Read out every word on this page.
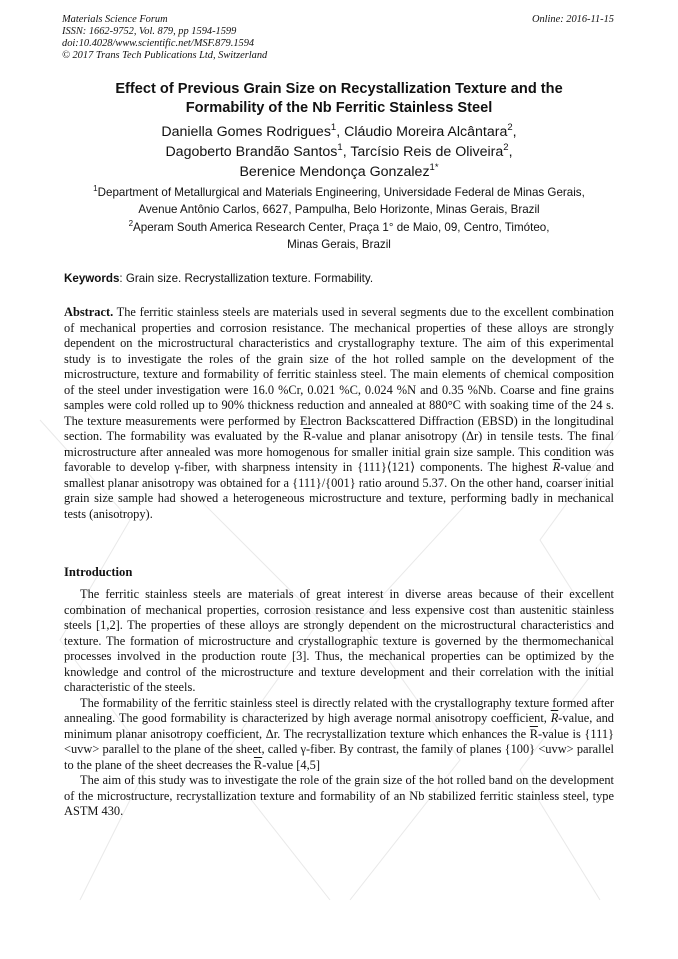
Materials Science Forum
ISSN: 1662-9752, Vol. 879, pp 1594-1599
doi:10.4028/www.scientific.net/MSF.879.1594
© 2017 Trans Tech Publications Ltd, Switzerland
Online: 2016-11-15
Effect of Previous Grain Size on Recystallization Texture and the
Formability of the Nb Ferritic Stainless Steel
Daniella Gomes Rodrigues$^1$, Cláudio Moreira Alcântara$^2$,
Dagoberto Brandão Santos$^1$, Tarcísio Reis de Oliveira$^2$,
Berenice Mendonça Gonzalez$^{1*}$
$^1$Department of Metallurgical and Materials Engineering, Universidade Federal de Minas Gerais,
Avenue Antônio Carlos, 6627, Pampulha, Belo Horizonte, Minas Gerais, Brazil
$^2$Aperam South America Research Center, Praça 1° de Maio, 09, Centro, Timóteo,
Minas Gerais, Brazil
Keywords: Grain size. Recrystallization texture. Formability.
Abstract. The ferritic stainless steels are materials used in several segments due to the excellent combination of mechanical properties and corrosion resistance. The mechanical properties of these alloys are strongly dependent on the microstructural characteristics and crystallography texture. The aim of this experimental study is to investigate the roles of the grain size of the hot rolled sample on the development of the microstructure, texture and formability of ferritic stainless steel. The main elements of chemical composition of the steel under investigation were 16.0 %Cr, 0.021 %C, 0.024 %N and 0.35 %Nb. Coarse and fine grains samples were cold rolled up to 90% thickness reduction and annealed at 880°C with soaking time of the 24 s. The texture measurements were performed by Electron Backscattered Diffraction (EBSD) in the longitudinal section. The formability was evaluated by the $\overline{R}$-value and planar anisotropy (Δr) in tensile tests. The final microstructure after annealed was more homogenous for smaller initial grain size sample. This condition was favorable to develop γ-fiber, with sharpness intensity in {111}⟨121⟩ components. The highest $\overline{R}$-value and smallest planar anisotropy was obtained for a {111}/{001} ratio around 5.37. On the other hand, coarser initial grain size sample had showed a heterogeneous microstructure and texture, performing badly in mechanical tests (anisotropy).
Introduction

The ferritic stainless steels are materials of great interest in diverse areas because of their excellent combination of mechanical properties, corrosion resistance and less expensive cost than austenitic stainless steels [1,2]. The properties of these alloys are strongly dependent on the microstructural characteristics and texture. The formation of microstructure and crystallographic texture is governed by the thermomechanical processes involved in the production route [3]. Thus, the mechanical properties can be optimized by the knowledge and control of the microstructure and texture development and their correlation with the initial characteristic of the steels.

The formability of the ferritic stainless steel is directly related with the crystallography texture formed after annealing. The good formability is characterized by high average normal anisotropy coefficient, $\overline{R}$-value, and minimum planar anisotropy coefficient, Δr. The recrystallization texture which enhances the $\overline{R}$-value is {111}<uvw> parallel to the plane of the sheet, called γ-fiber. By contrast, the family of planes {100} <uvw> parallel to the plane of the sheet decreases the $\overline{R}$-value [4,5]

The aim of this study was to investigate the role of the grain size of the hot rolled band on the development of the microstructure, recrystallization texture and formability of an Nb stabilized ferritic stainless steel, type ASTM 430.
